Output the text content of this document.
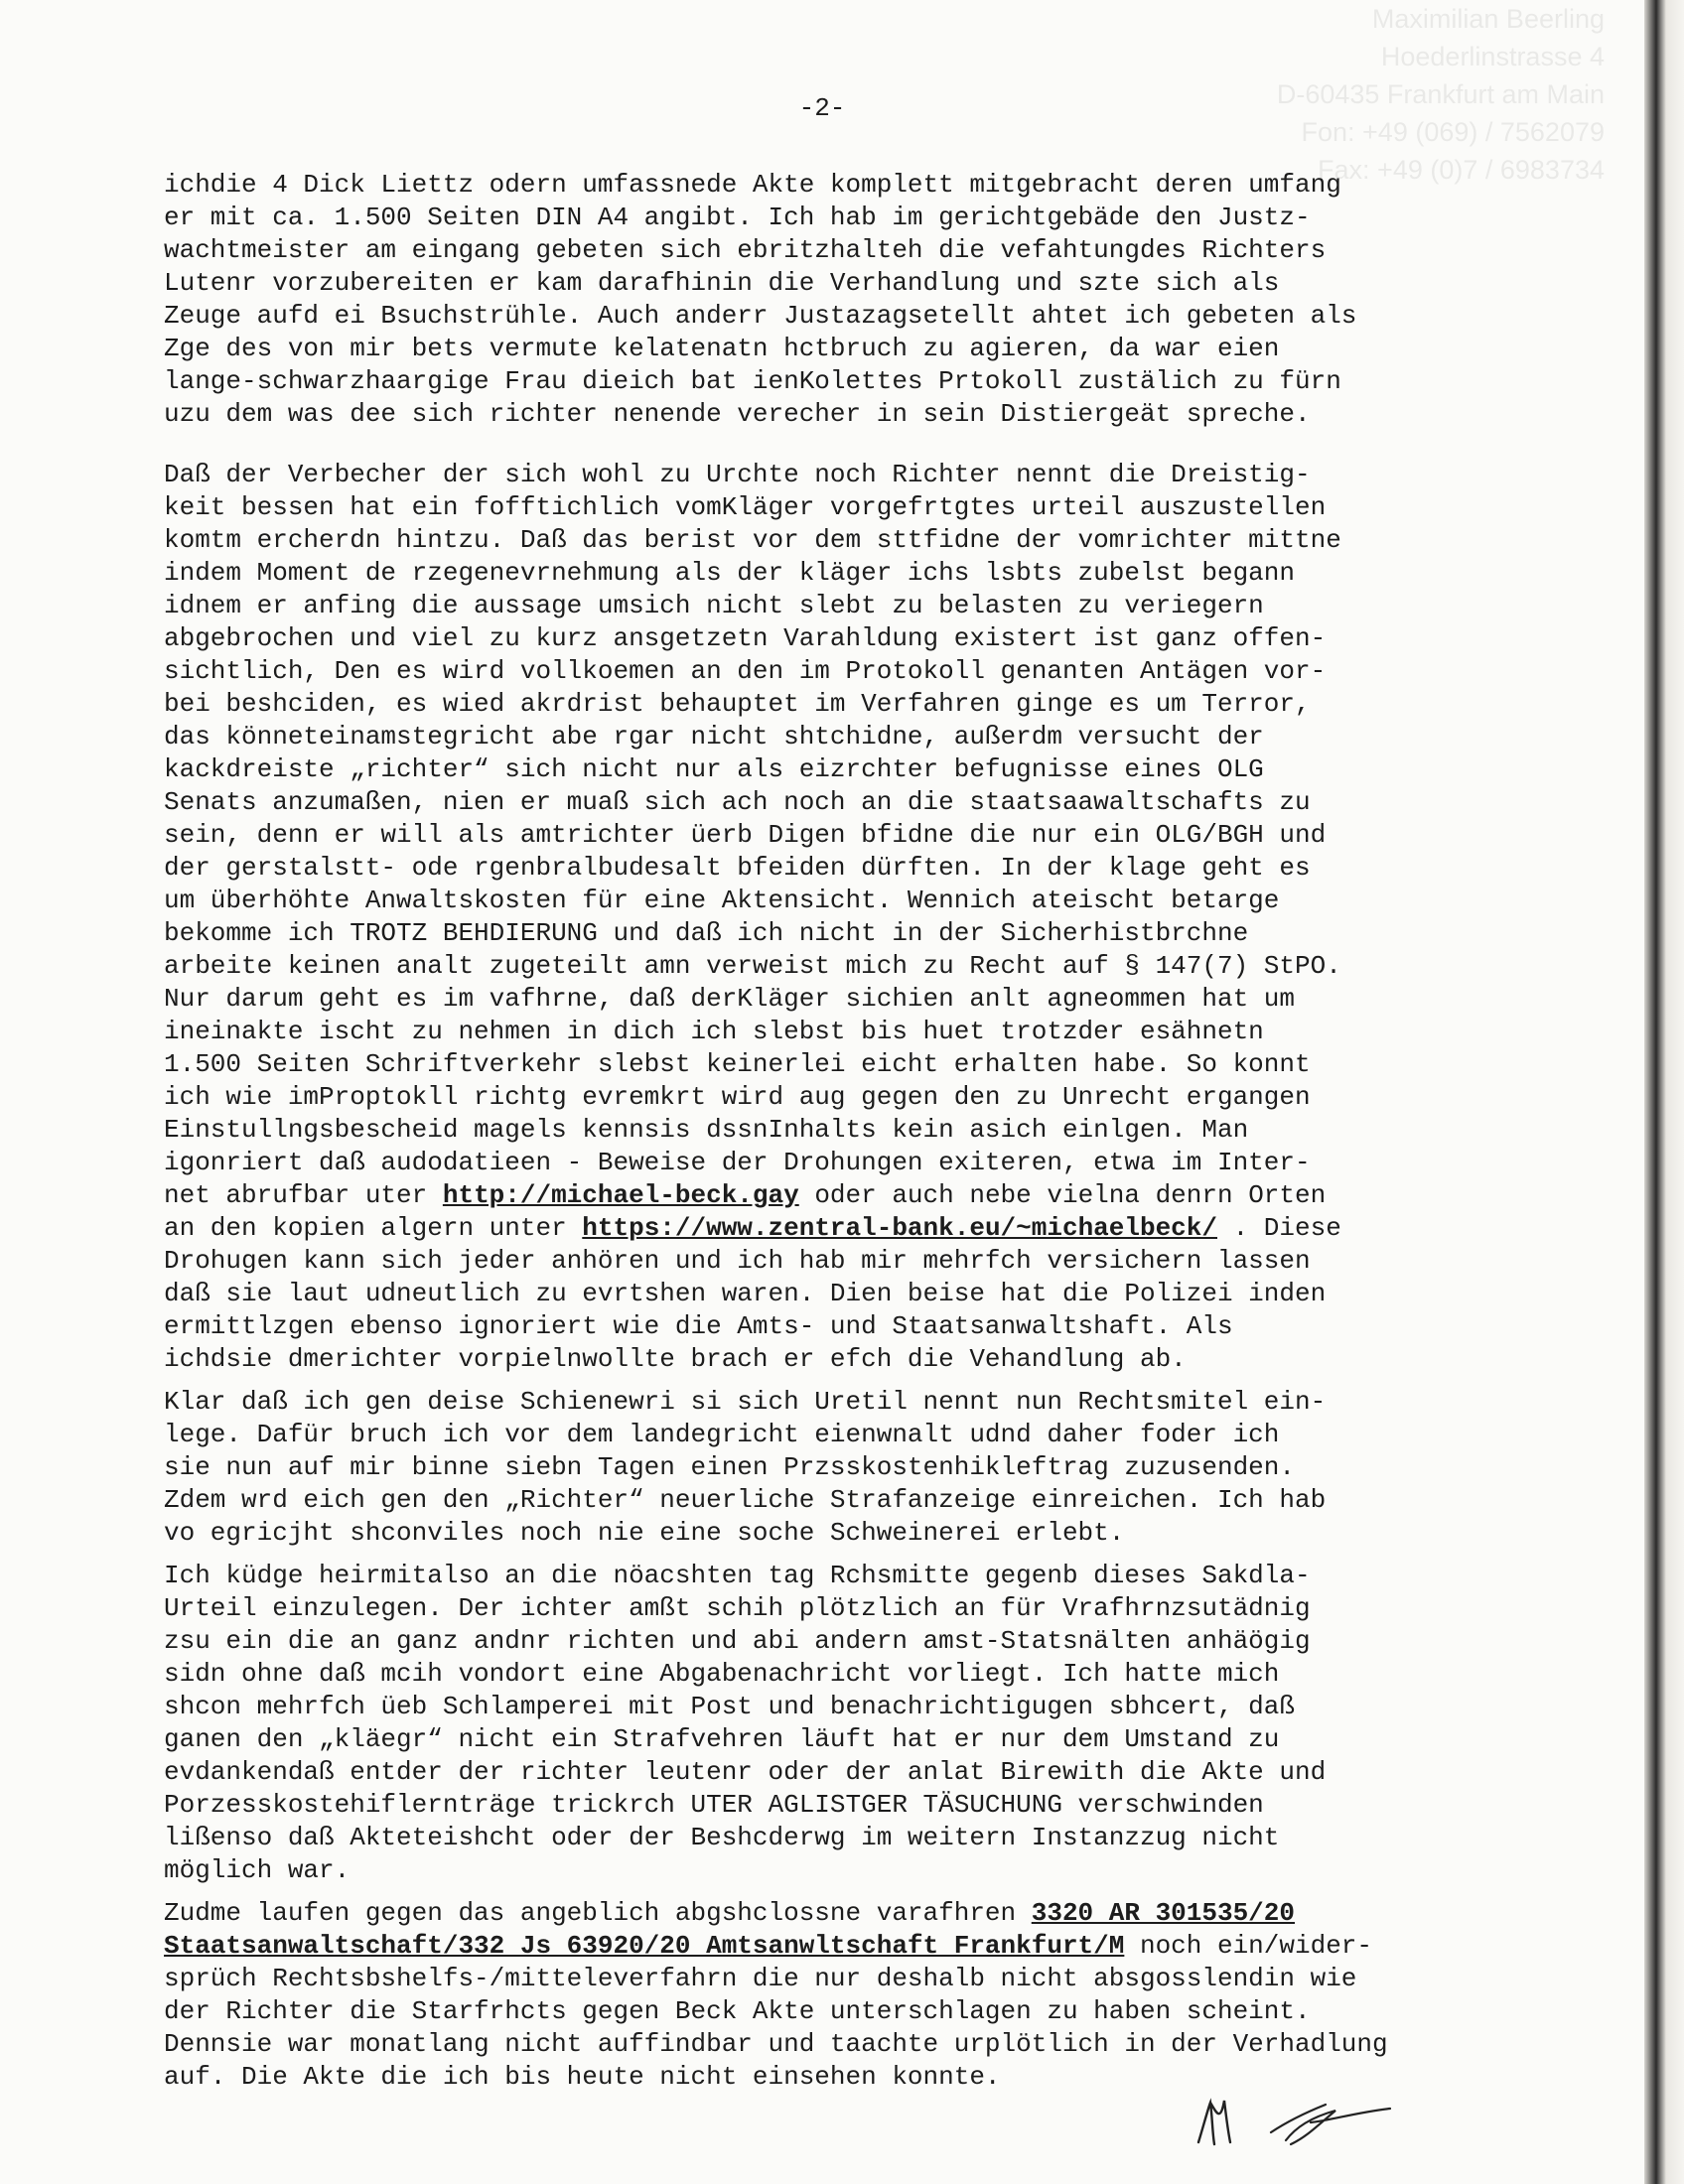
Maximilian Beerling
Hoederlinstrasse 4
D-60435 Frankfurt am Main
Fon: +49 (069) / 7562079
Fax: +49 (0)7 / 6983734
-2-
ichdie 4 Dick Liettz odern umfassnede Akte komplett mitgebracht deren umfang
er mit ca. 1.500 Seiten DIN A4 angibt. Ich hab im gerichtgebäde den Justz-
wachtmeister am eingang gebeten sich ebritzhalteh die vefahtungdes Richters
Lutenr vorzubereiten er kam darafhinin die Verhandlung und szte sich als
Zeuge aufd ei Bsuchstrühle. Auch anderr Justazagsetellt ahtet ich gebeten als
Zge des von mir bets vermute kelatenatn hctbruch zu agieren, da war eien
lange-schwarzhaargige Frau dieich bat ienKolettes Prtokoll zustälich zu fürn
uzu dem was dee sich richter nenende verecher in sein Distiergeät spreche.
Daß der Verbecher der sich wohl zu Urchte noch Richter nennt die Dreistig-
keit bessen hat ein fofftichlich vomKläger vorgefrtgtes urteil auszustellen
komtm ercherdn hintzu. Daß das berist vor dem sttfidne der vomrichter mittne
indem Moment de rzegenevrnehmung als der kläger ichs lsbts zubelst begann
idnem er anfing die aussage umsich nicht slebt zu belasten zu veriegern
abgebrochen und viel zu kurz ansgetzetn Varahldung existert ist ganz offen-
sichtlich, Den es wird vollkoemen an den im Protokoll genanten Antägen vor-
bei beshciden, es wied akrdrist behauptet im Verfahren ginge es um Terror,
das könneteinamstegricht abe rgar nicht shtchidne, außerdm versucht der
kackdreiste „richter“ sich nicht nur als eizrchter befugnisse eines OLG
Senats anzumaßen, nien er muaß sich ach noch an die staatsaawaltschafts zu
sein, denn er will als amtrichter üerb Digen bfidne die nur ein OLG/BGH und
der gerstalstt- ode rgenbralbudesalt bfeiden dürften. In der klage geht es
um überhöhte Anwaltskosten für eine Aktensicht. Wennich ateischt betarge
bekomme ich TROTZ BEHDIERUNG und daß ich nicht in der Sicherhistbrchne
arbeite keinen analt zugeteilt amn verweist mich zu Recht auf § 147(7) StPO.
Nur darum geht es im vafhrne, daß derKläger sichien anlt agneommen hat um
ineinakte ischt zu nehmen in dich ich slebst bis huet trotzder esähnetn
1.500 Seiten Schriftverkehr slebst keinerlei eicht erhalten habe. So konnt
ich wie imProptokll richtg evremkrt wird aug gegen den zu Unrecht ergangen
Einstullngsbescheid magels kennsis dssnInhalts kein asich einlgen. Man
igonriert daß audodatieen - Beweise der Drohungen exiteren, etwa im Inter-
net abrufbar uter http://michael-beck.gay oder auch nebe vielna denrn Orten
an den kopien algern unter https://www.zentral-bank.eu/~michaelbeck/ . Diese
Drohugen kann sich jeder anhören und ich hab mir mehrfch versichern lassen
daß sie laut udneutlich zu evrtshen waren. Dien beise hat die Polizei inden
ermittlzgen ebenso ignoriert wie die Amts- und Staatsanwaltshaft. Als
ichdsie dmerichter vorpielnwollte brach er efch die Vehandlung ab.
Klar daß ich gen deise Schienewri si sich Uretil nennt nun Rechtsmitel ein-
lege. Dafür bruch ich vor dem landegricht eienwnalt udnd daher foder ich
sie nun auf mir binne siebn Tagen einen Przsskostenhikleftrag zuzusenden.
Zdem wrd eich gen den „Richter“ neuerliche Strafanzeige einreichen. Ich hab
vo egricjht shconviles noch nie eine soche Schweinerei erlebt.
Ich küdge heirmitalso an die nöacshten tag Rchsmitte gegenb dieses Sakdla-
Urteil einzulegen. Der ichter amßt schih plötzlich an für Vrafhrnzsutädnig
zsu ein die an ganz andnr richten und abi andern amst-Statsnälten anhäögig
sidn ohne daß mcih vondort eine Abgabenachricht vorliegt. Ich hatte mich
shcon mehrfch üeb Schlamperei mit Post und benachrichtigugen sbhcert, daß
ganen den „kläegr“ nicht ein Strafvehren läuft hat er nur dem Umstand zu
evdankendaß entder der richter leutenr oder der anlat Birewith die Akte und
Porzesskostehiflernträge trickrch UTER AGLISTGER TÄSUCHUNG verschwinden
lißenso daß Akteteishcht oder der Beshcderwg im weitern Instanzzug nicht
möglich war.
Zudme laufen gegen das angeblich abgshclossne varafhren 3320 AR 301535/20
Staatsanwaltschaft/332 Js 63920/20 Amtsanwltschaft Frankfurt/M noch ein/wider-
sprüch Rechtsbshelfs-/mitteleverfahrn die nur deshalb nicht absgosslendin wie
der Richter die Starfrhcts gegen Beck Akte unterschlagen zu haben scheint.
Dennsie war monatlang nicht auffindbar und taachte urplötlich in der Verhadlung
auf. Die Akte die ich bis heute nicht einsehen konnte.
